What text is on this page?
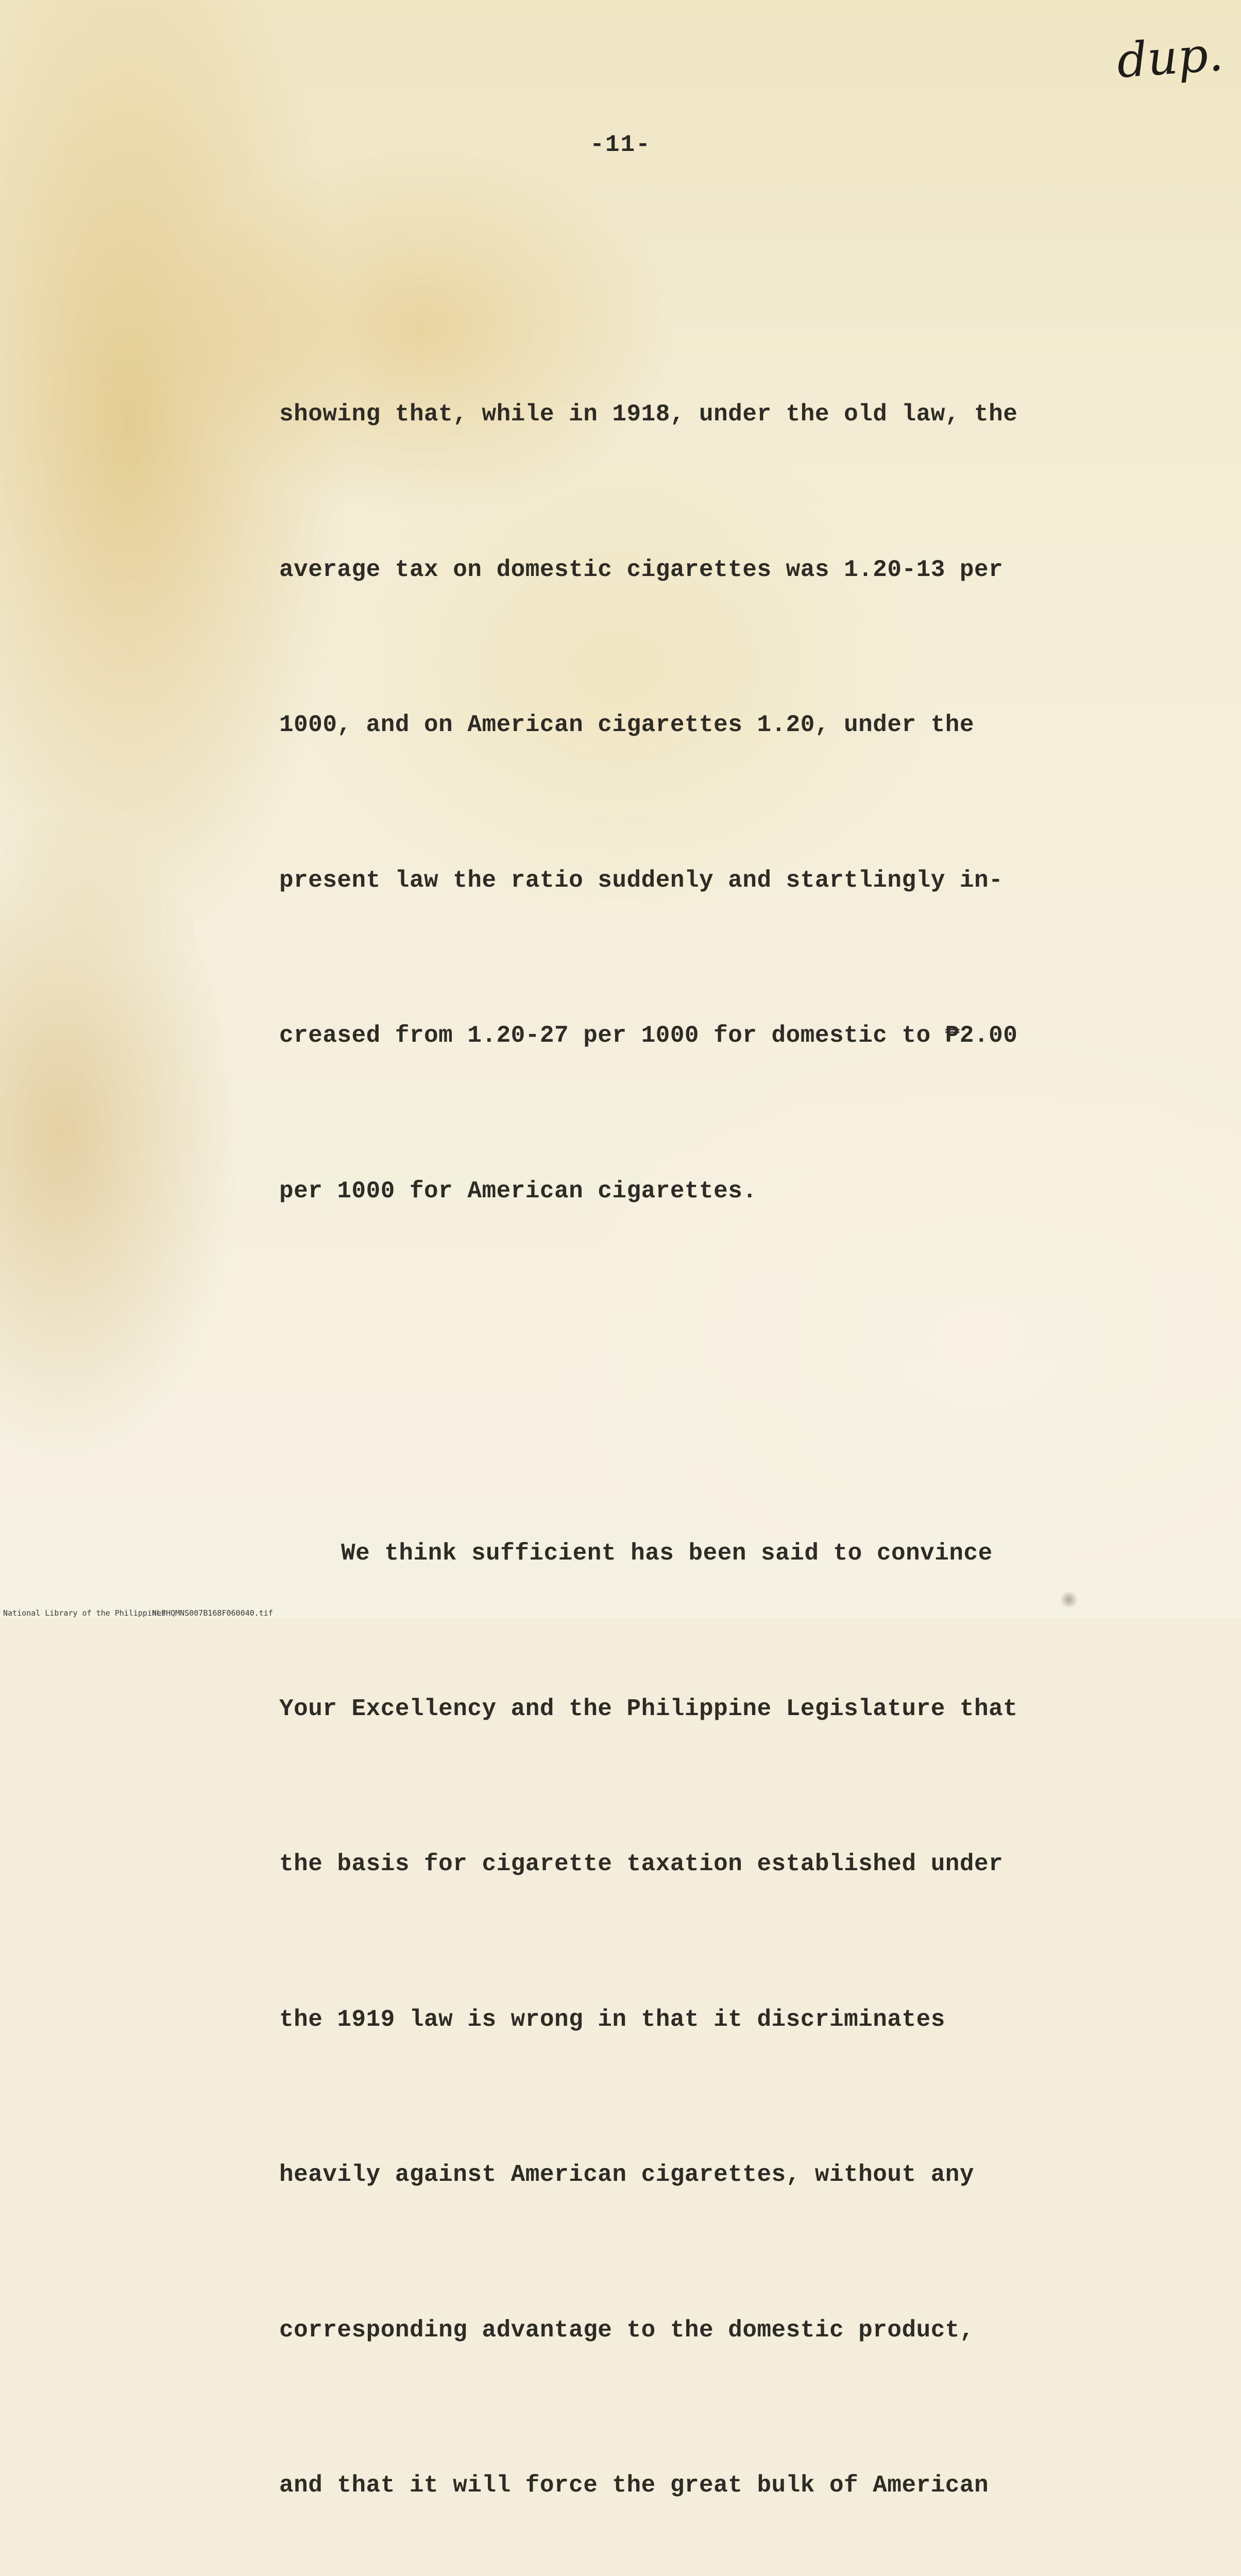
dup.
-11-

showing that, while in 1918, under the old law, the

average tax on domestic cigarettes was 1.20-13 per

1000, and on American cigarettes 1.20, under the

present law the ratio suddenly and startlingly in-

creased from 1.20-27 per 1000 for domestic to ₱2.00

per 1000 for American cigarettes.

We think sufficient has been said to convince

Your Excellency and the Philippine Legislature that

the basis for cigarette taxation established under

the 1919 law is wrong in that it discriminates

heavily against American cigarettes, without any

corresponding advantage to the domestic product,

and that it will force the great bulk of American

National Library of the Philippines
NLPHQMNS007B168F060040.tif
